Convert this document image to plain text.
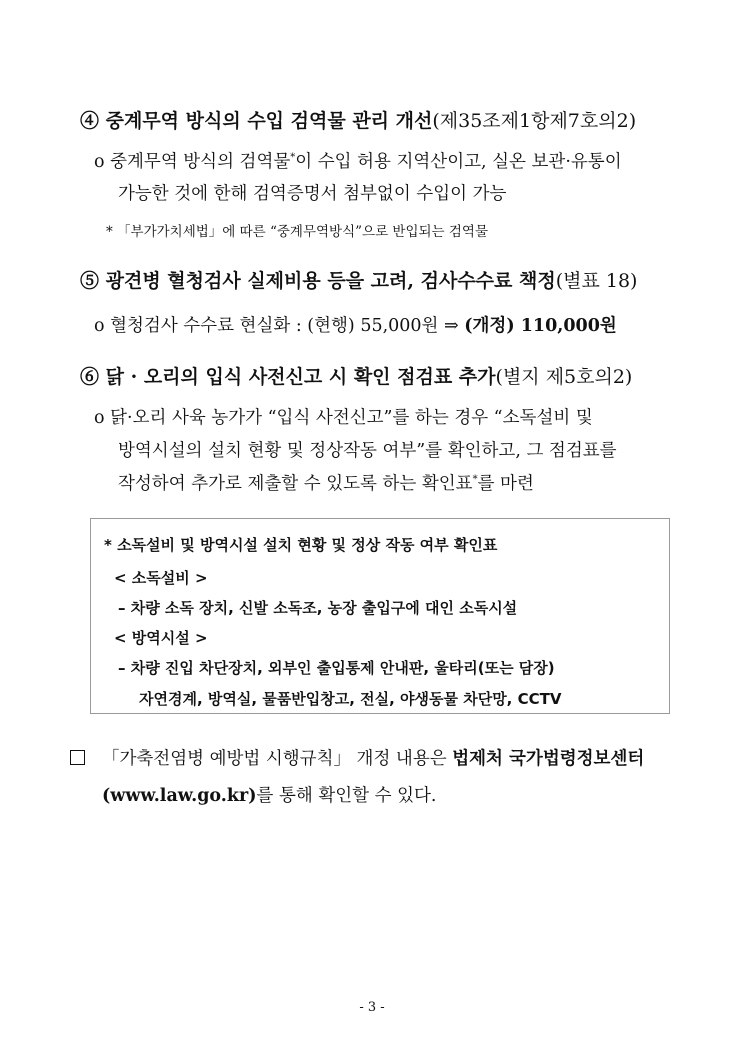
④ 중계무역 방식의 수입 검역물 관리 개선(제35조제1항제7호의2)
o 중계무역 방식의 검역물*이 수입 허용 지역산이고, 실온 보관·유통이
가능한 것에 한해 검역증명서 첨부없이 수입이 가능
* 「부가가치세법」에 따른 “중계무역방식”으로 반입되는 검역물
⑤ 광견병 혈청검사 실제비용 등을 고려, 검사수수료 책정(별표 18)
o 혈청검사 수수료 현실화 : (현행) 55,000원 ⇒ (개정) 110,000원
⑥ 닭 · 오리의 입식 사전신고 시 확인 점검표 추가(별지 제5호의2)
o 닭·오리 사육 농가가 “입식 사전신고”를 하는 경우 “소독설비 및
방역시설의 설치 현황 및 정상작동 여부”를 확인하고, 그 점검표를
작성하여 추가로 제출할 수 있도록 하는 확인표*를 마련
* 소독설비 및 방역시설 설치 현황 및 정상 작동 여부 확인표
< 소독설비 >
– 차량 소독 장치, 신발 소독조, 농장 출입구에 대인 소독시설
< 방역시설 >
– 차량 진입 차단장치, 외부인 출입통제 안내판, 울타리(또는 담장)
자연경계, 방역실, 물품반입창고, 전실, 야생동물 차단망, CCTV
「가축전염병 예방법 시행규칙」 개정 내용은 법제처 국가법령정보센터
(www.law.go.kr)를 통해 확인할 수 있다.
- 3 -
